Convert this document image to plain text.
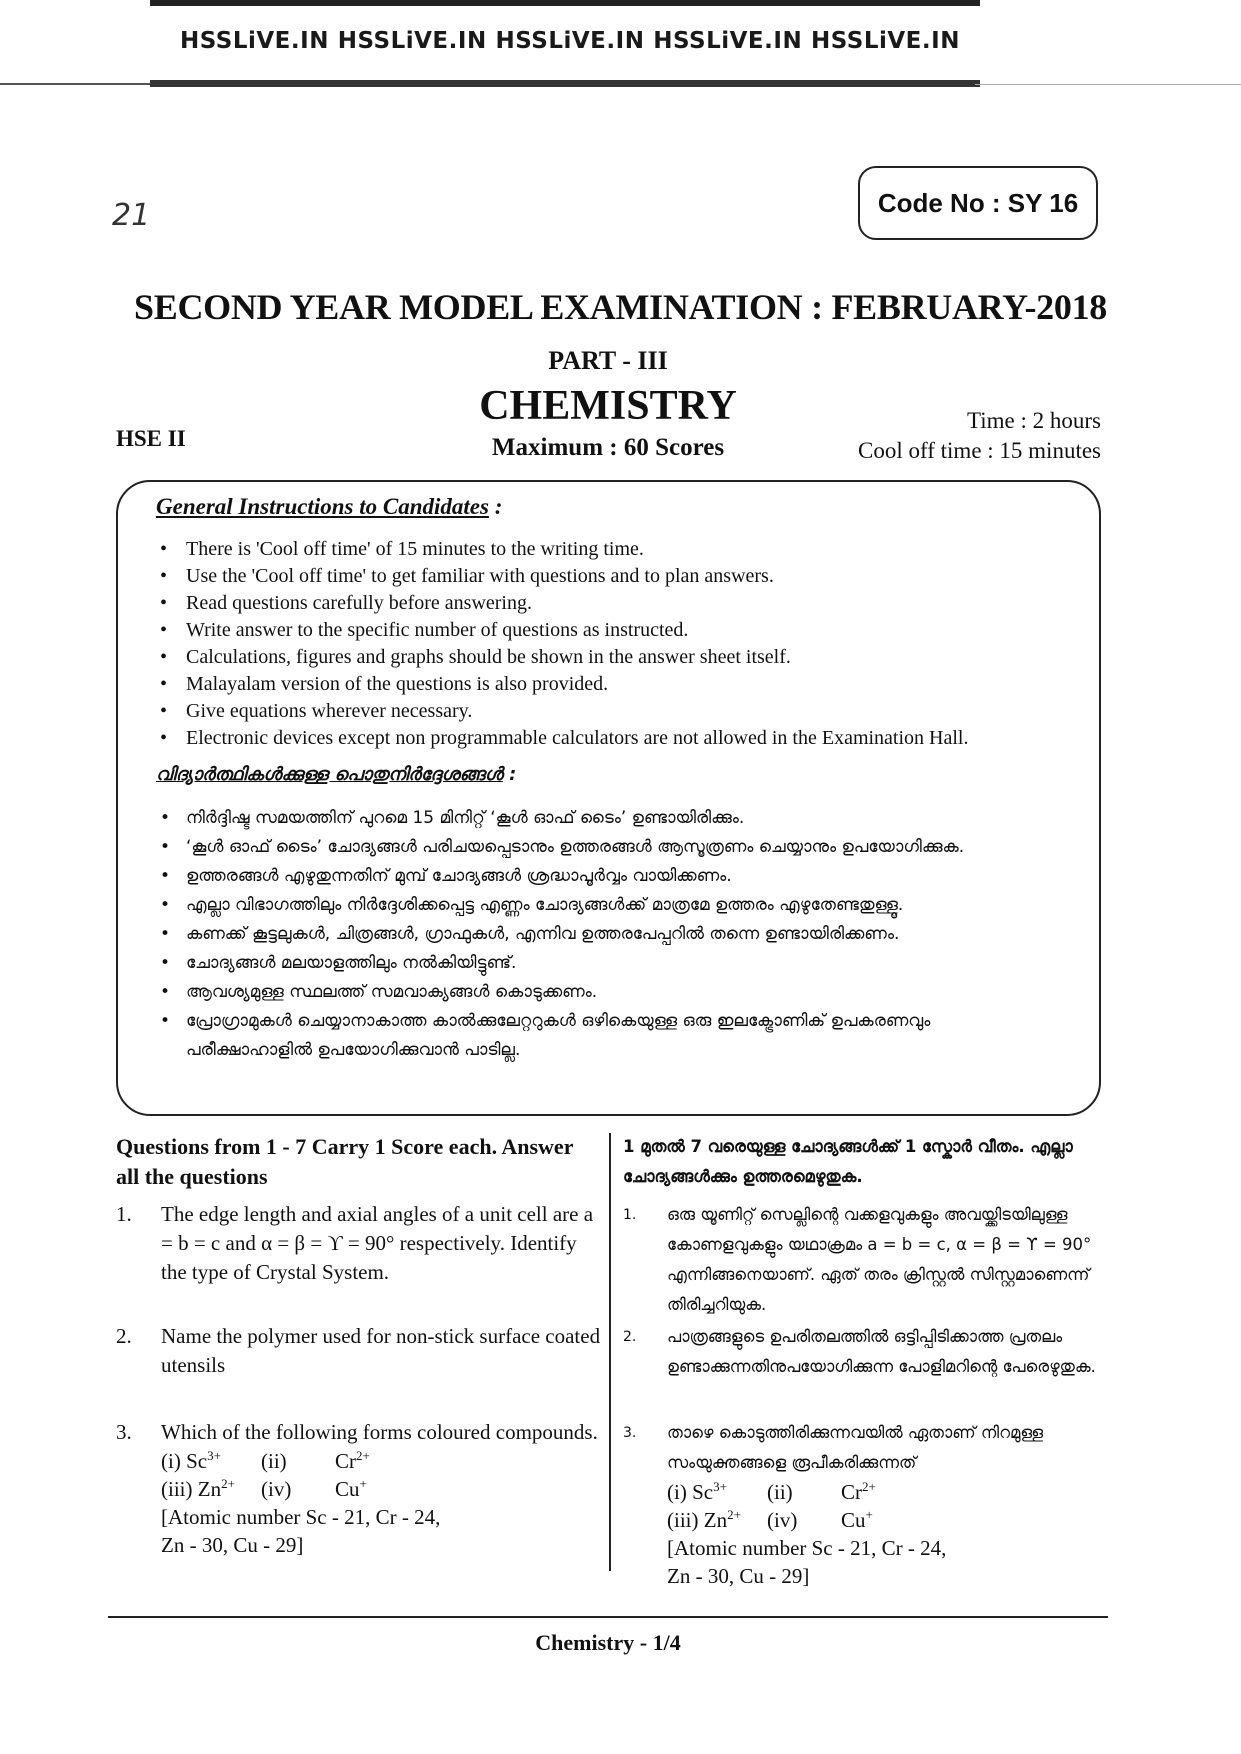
HSSLiVE.IN HSSLiVE.IN HSSLiVE.IN HSSLiVE.IN HSSLiVE.IN
21	Code No : SY 16
SECOND YEAR MODEL EXAMINATION : FEBRUARY-2018
PART - III
CHEMISTRY
Maximum : 60 Scores
HSE II
Time : 2 hours
Cool off time : 15 minutes
General Instructions to Candidates :
• There is 'Cool off time' of 15 minutes to the writing time.
• Use the 'Cool off time' to get familiar with questions and to plan answers.
• Read questions carefully before answering.
• Write answer to the specific number of questions as instructed.
• Calculations, figures and graphs should be shown in the answer sheet itself.
• Malayalam version of the questions is also provided.
• Give equations wherever necessary.
• Electronic devices except non programmable calculators are not allowed in the Examination Hall.
വിദ്യാർത്ഥികൾക്കുള്ള പൊതുനിർദ്ദേശങ്ങൾ :
• നിർദ്ദിഷ്ട സമയത്തിന് പുറമെ 15 മിനിറ്റ് ‘കൂൾ ഓഫ് ടൈം’ ഉണ്ടായിരിക്കും.
• ‘കൂൾ ഓഫ് ടൈം’ ചോദ്യങ്ങൾ പരിചയപ്പെടാനും ഉത്തരങ്ങൾ ആസൂത്രണം ചെയ്യാനും ഉപയോഗിക്കുക.
• ഉത്തരങ്ങൾ എഴുതുന്നതിന് മുമ്പ് ചോദ്യങ്ങൾ ശ്രദ്ധാപൂർവ്വം വായിക്കണം.
• എല്ലാ വിഭാഗത്തിലും നിർദ്ദേശിക്കപ്പെട്ട എണ്ണം ചോദ്യങ്ങൾക്ക് മാത്രമേ ഉത്തരം എഴുതേണ്ടതുള്ളൂ.
• കണക്ക് കൂട്ടലുകൾ, ചിത്രങ്ങൾ, ഗ്രാഫുകൾ, എന്നിവ ഉത്തരപേപ്പറിൽ തന്നെ ഉണ്ടായിരിക്കണം.
• ചോദ്യങ്ങൾ മലയാളത്തിലും നൽകിയിട്ടുണ്ട്.
• ആവശ്യമുള്ള സ്ഥലത്ത് സമവാക്യങ്ങൾ കൊടുക്കണം.
• പ്രോഗ്രാമുകൾ ചെയ്യാനാകാത്ത കാൽക്കുലേറ്ററുകൾ ഒഴികെയുള്ള ഒരു ഇലക്ട്രോണിക് ഉപകരണവും പരീക്ഷാഹാളിൽ ഉപയോഗിക്കുവാൻ പാടില്ല.
Questions from 1 - 7 Carry 1 Score each. Answer all the questions
1 മുതൽ 7 വരെയുള്ള ചോദ്യങ്ങൾക്ക് 1 സ്കോർ വീതം. എല്ലാ ചോദ്യങ്ങൾക്കും ഉത്തരമെഴുതുക.
1. The edge length and axial angles of a unit cell are a = b = c and α = β = ϒ = 90° respectively. Identify the type of Crystal System.
2. Name the polymer used for non-stick surface coated utensils
3. Which of the following forms coloured compounds.
(i) $Sc^{3+}$	(ii)	$Cr^{2+}$
(iii) $Zn^{2+}$	(iv)	Cu+
[Atomic number Sc - 21, Cr - 24,
Zn - 30, Cu - 29]
1. ഒരു യൂണിറ്റ് സെല്ലിന്റെ വക്കളവുകളും അവയ്ക്കിടയിലുള്ള കോണളവുകളും യഥാക്രമം a = b = c, α = β = ϒ = 90° എന്നിങ്ങനെയാണ്. ഏത് തരം ക്രിസ്റ്റൽ സിസ്റ്റമാണെന്ന് തിരിച്ചറിയുക.
2. പാത്രങ്ങളുടെ ഉപരിതലത്തിൽ ഒട്ടിപ്പിടിക്കാത്ത പ്രതലം ഉണ്ടാക്കുന്നതിനുപയോഗിക്കുന്ന പോളിമറിന്റെ പേരെഴുതുക.
3. താഴെ കൊടുത്തിരിക്കുന്നവയിൽ ഏതാണ് നിറമുള്ള സംയുക്തങ്ങളെ രൂപീകരിക്കുന്നത്
(i) $Sc^{3+}$	(ii)	$Cr^{2+}$
(iii) $Zn^{2+}$	(iv)	Cu+
[Atomic number Sc - 21, Cr - 24,
Zn - 30, Cu - 29]
Chemistry - 1/4
